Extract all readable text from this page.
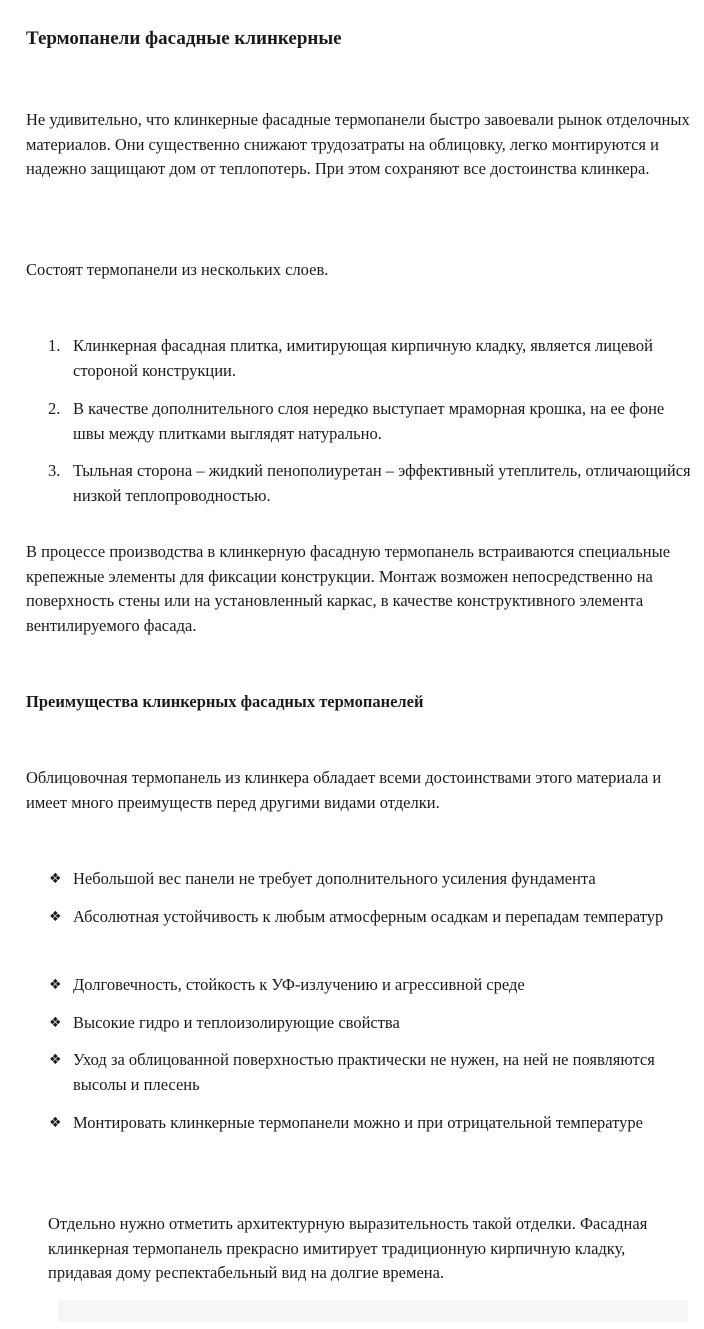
Термопанели фасадные клинкерные

Не удивительно, что клинкерные фасадные термопанели быстро завоевали рынок отделочных материалов. Они существенно снижают трудозатраты на облицовку, легко монтируются и надежно защищают дом от теплопотерь. При этом сохраняют все достоинства клинкера.

Состоят термопанели из нескольких слоев.

1. Клинкерная фасадная плитка, имитирующая кирпичную кладку, является лицевой стороной конструкции.
2. В качестве дополнительного слоя нередко выступает мраморная крошка, на ее фоне швы между плитками выглядят натурально.
3. Тыльная сторона – жидкий пенополиуретан – эффективный утеплитель, отличающийся низкой теплопроводностью.

В процессе производства в клинкерную фасадную термопанель встраиваются специальные крепежные элементы для фиксации конструкции. Монтаж возможен непосредственно на поверхность стены или на установленный каркас, в качестве конструктивного элемента вентилируемого фасада.

Преимущества клинкерных фасадных термопанелей

Облицовочная термопанель из клинкера обладает всеми достоинствами этого материала и имеет много преимуществ перед другими видами отделки.

❖ Небольшой вес панели не требует дополнительного усиления фундамента
❖ Абсолютная устойчивость к любым атмосферным осадкам и перепадам температур
❖ Долговечность, стойкость к УФ-излучению и агрессивной среде
❖ Высокие гидро и теплоизолирующие свойства
❖ Уход за облицованной поверхностью практически не нужен, на ней не появляются высолы и плесень
❖ Монтировать клинкерные термопанели можно и при отрицательной температуре

Отдельно нужно отметить архитектурную выразительность такой отделки. Фасадная клинкерная термопанель прекрасно имитирует традиционную кирпичную кладку, придавая дому респектабельный вид на долгие времена.
